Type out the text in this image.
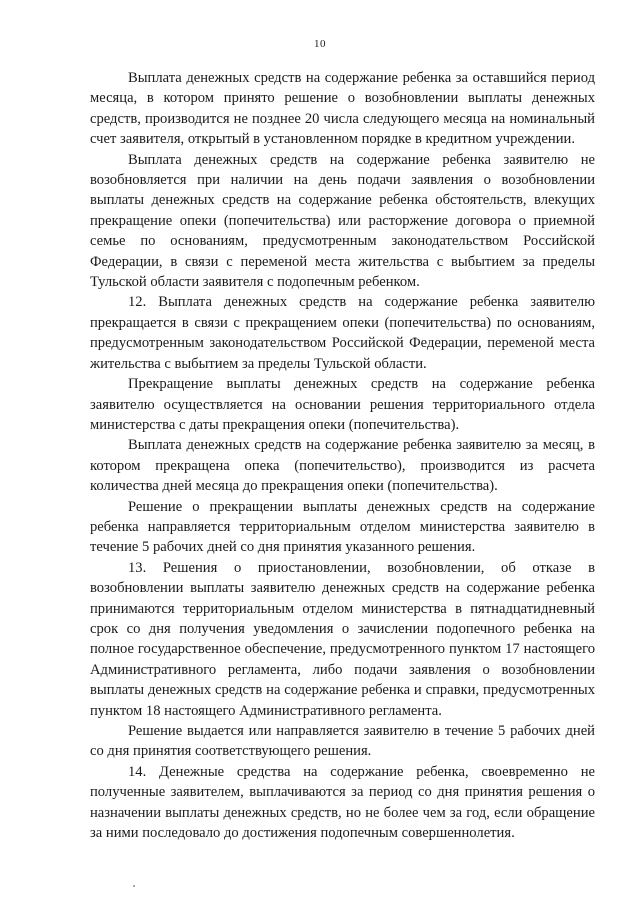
10

Выплата денежных средств на содержание ребенка за оставшийся период месяца, в котором принято решение о возобновлении выплаты денежных средств, производится не позднее 20 числа следующего месяца на номинальный счет заявителя, открытый в установленном порядке в кредитном учреждении.

Выплата денежных средств на содержание ребенка заявителю не возобновляется при наличии на день подачи заявления о возобновлении выплаты денежных средств на содержание ребенка обстоятельств, влекущих прекращение опеки (попечительства) или расторжение договора о приемной семье по основаниям, предусмотренным законодательством Российской Федерации, в связи с переменой места жительства с выбытием за пределы Тульской области заявителя с подопечным ребенком.

12. Выплата денежных средств на содержание ребенка заявителю прекращается в связи с прекращением опеки (попечительства) по основаниям, предусмотренным законодательством Российской Федерации, переменой места жительства с выбытием за пределы Тульской области.

Прекращение выплаты денежных средств на содержание ребенка заявителю осуществляется на основании решения территориального отдела министерства с даты прекращения опеки (попечительства).

Выплата денежных средств на содержание ребенка заявителю за месяц, в котором прекращена опека (попечительство), производится из расчета количества дней месяца до прекращения опеки (попечительства).

Решение о прекращении выплаты денежных средств на содержание ребенка направляется территориальным отделом министерства заявителю в течение 5 рабочих дней со дня принятия указанного решения.

13. Решения о приостановлении, возобновлении, об отказе в возобновлении выплаты заявителю денежных средств на содержание ребенка принимаются территориальным отделом министерства в пятнадцатидневный срок со дня получения уведомления о зачислении подопечного ребенка на полное государственное обеспечение, предусмотренного пунктом 17 настоящего Административного регламента, либо подачи заявления о возобновлении выплаты денежных средств на содержание ребенка и справки, предусмотренных пунктом 18 настоящего Административного регламента.

Решение выдается или направляется заявителю в течение 5 рабочих дней со дня принятия соответствующего решения.

14. Денежные средства на содержание ребенка, своевременно не полученные заявителем, выплачиваются за период со дня принятия решения о назначении выплаты денежных средств, но не более чем за год, если обращение за ними последовало до достижения подопечным совершеннолетия.
